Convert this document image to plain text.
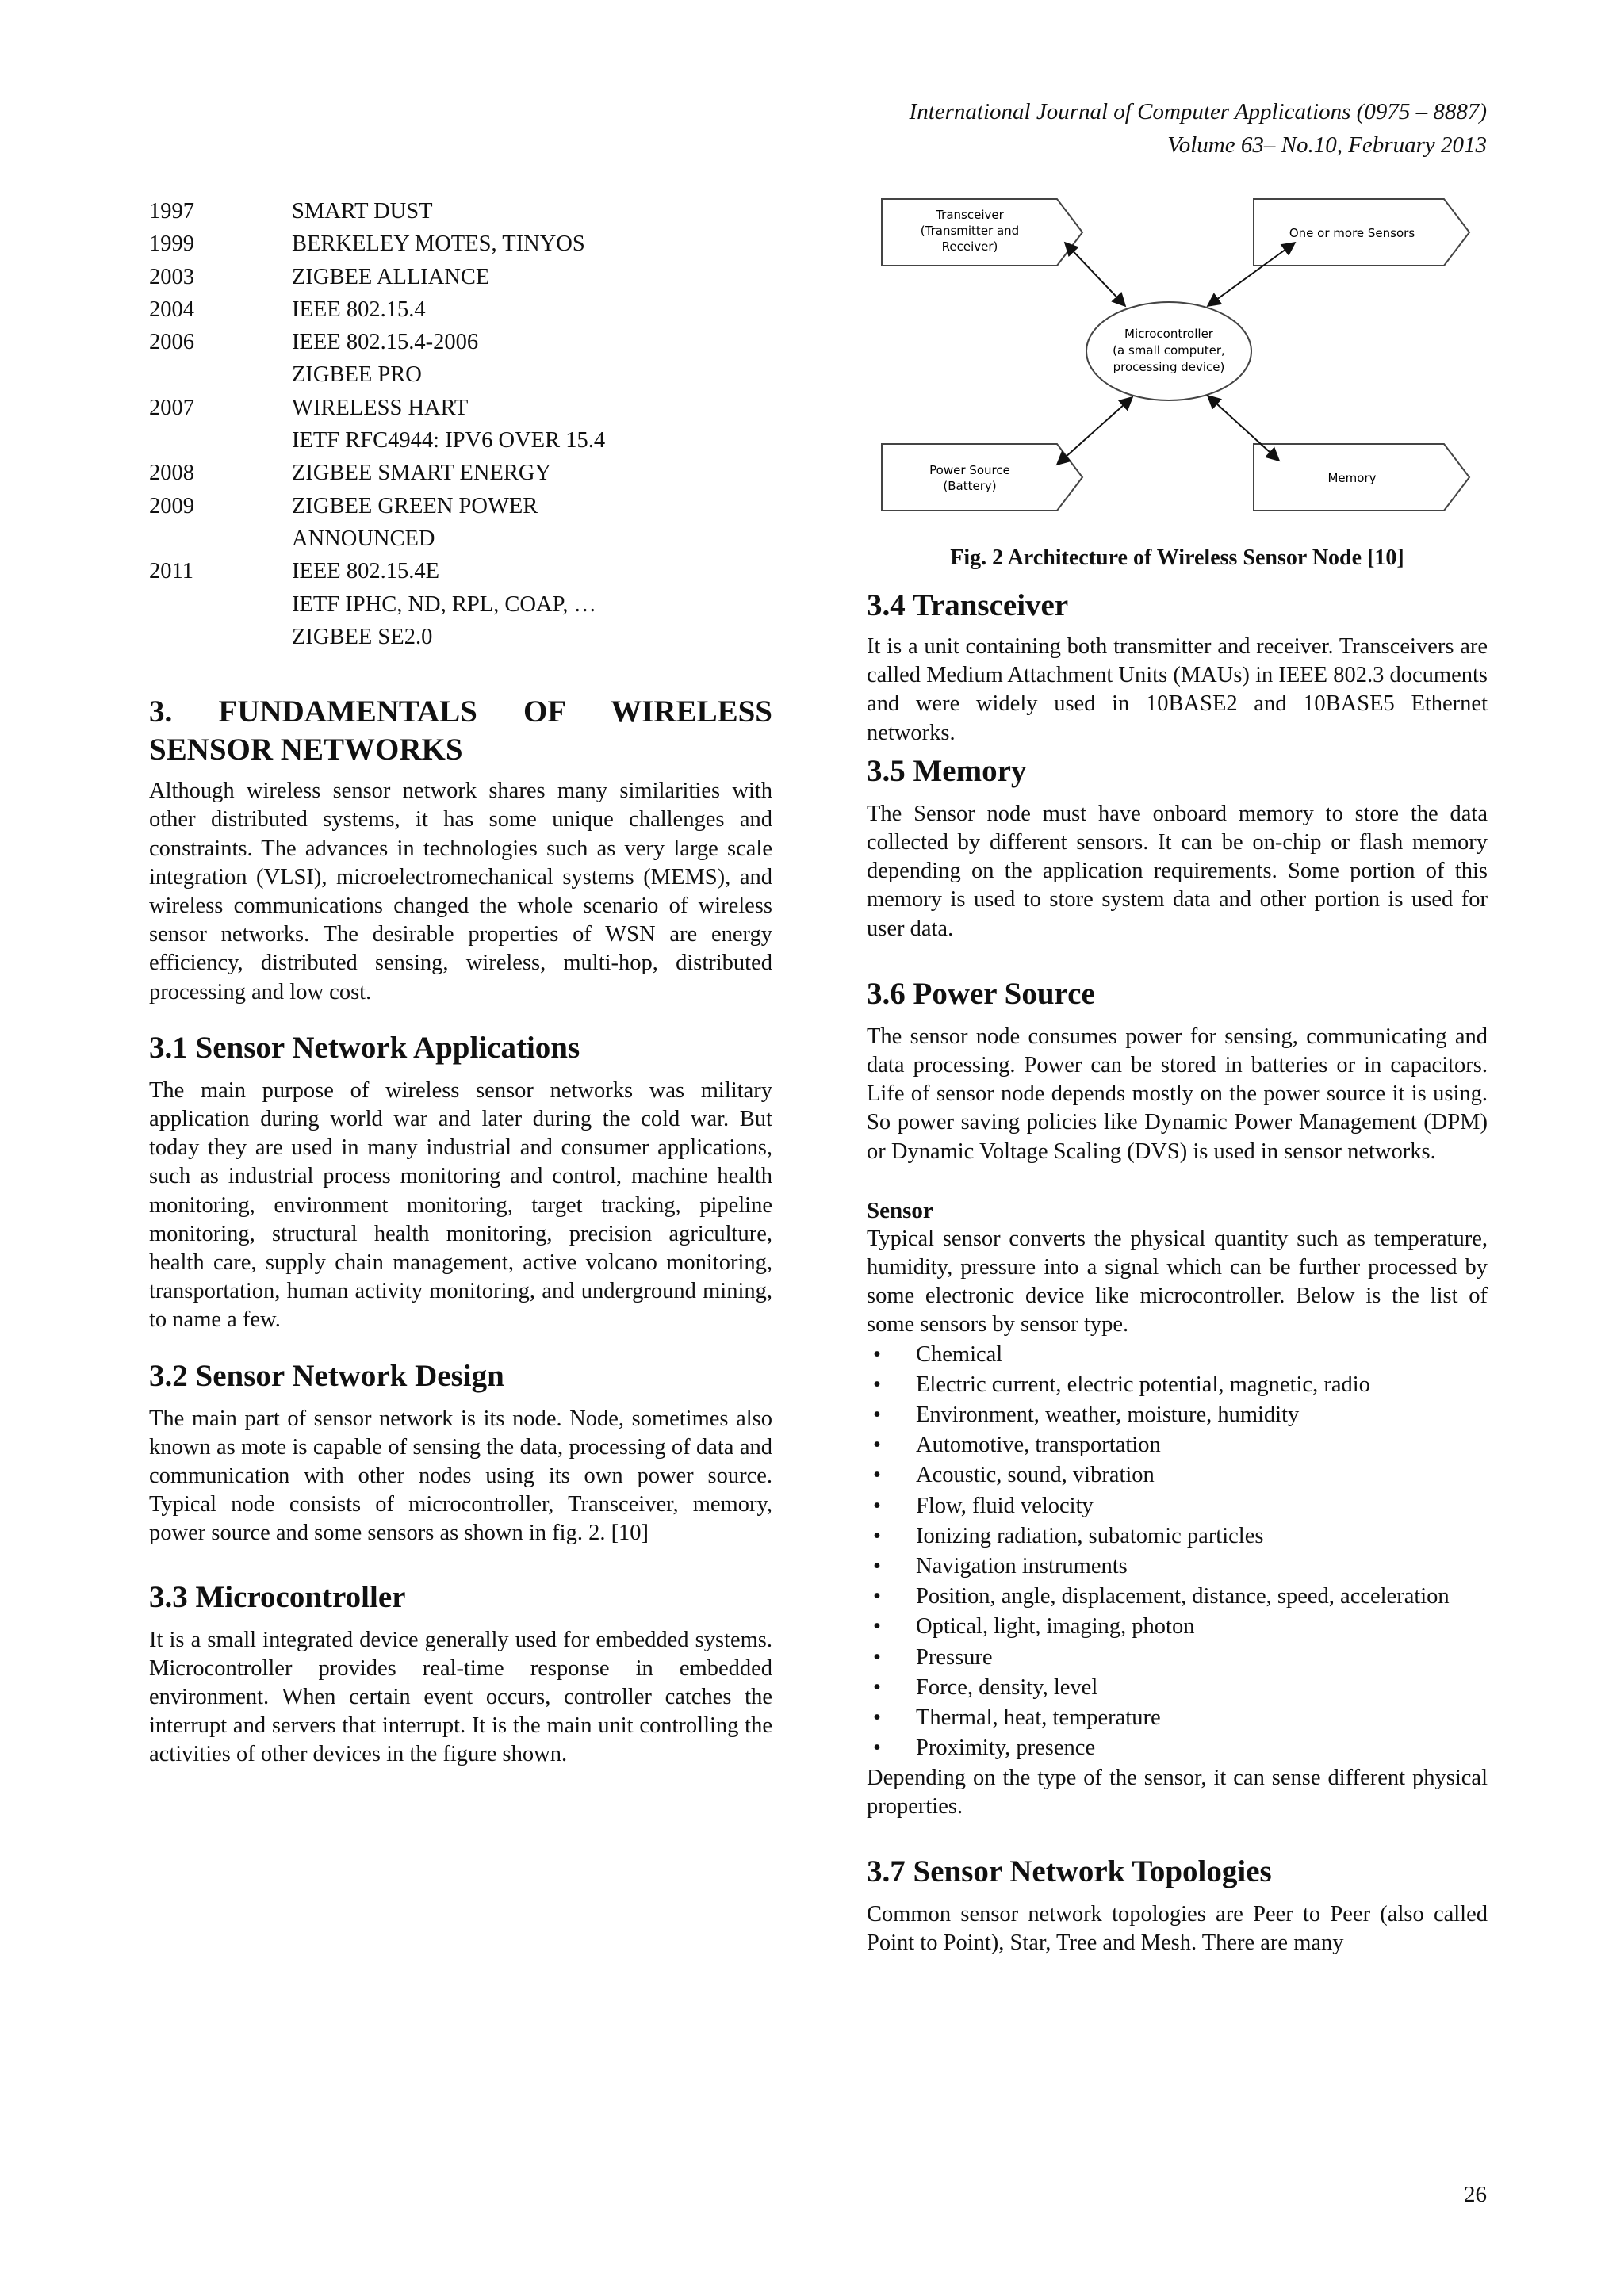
International Journal of Computer Applications (0975 – 8887)
Volume 63– No.10, February 2013
1997	SMART DUST
1999	BERKELEY MOTES, TINYOS
2003	ZIGBEE ALLIANCE
2004	IEEE 802.15.4
2006	IEEE 802.15.4-2006
ZIGBEE PRO
2007	WIRELESS HART
IETF RFC4944: IPV6 OVER 15.4
2008	ZIGBEE SMART ENERGY
2009	ZIGBEE GREEN POWER
ANNOUNCED
2011	IEEE 802.15.4E
IETF IPHC, ND, RPL, COAP, …
ZIGBEE SE2.0
3. FUNDAMENTALS OF WIRELESS
SENSOR NETWORKS

Although wireless sensor network shares many similarities with other distributed systems, it has some unique challenges and constraints. The advances in technologies such as very large scale integration (VLSI), microelectromechanical systems (MEMS), and wireless communications changed the whole scenario of wireless sensor networks. The desirable properties of WSN are energy efficiency, distributed sensing, wireless, multi-hop, distributed processing and low cost.

3.1 Sensor Network Applications

The main purpose of wireless sensor networks was military application during world war and later during the cold war. But today they are used in many industrial and consumer applications, such as industrial process monitoring and control, machine health monitoring, environment monitoring, target tracking, pipeline monitoring, structural health monitoring, precision agriculture, health care, supply chain management, active volcano monitoring, transportation, human activity monitoring, and underground mining, to name a few.

3.2 Sensor Network Design

The main part of sensor network is its node. Node, sometimes also known as mote is capable of sensing the data, processing of data and communication with other nodes using its own power source. Typical node consists of microcontroller, Transceiver, memory, power source and some sensors as shown in fig. 2. [10]

3.3 Microcontroller

It is a small integrated device generally used for embedded systems. Microcontroller provides real-time response in embedded environment. When certain event occurs, controller catches the interrupt and servers that interrupt. It is the main unit controlling the activities of other devices in the figure shown.

Transceiver
(Transmitter and
Receiver)
One or more Sensors
Microcontroller
(a small computer,
processing device)
Power Source
(Battery)
Memory
Fig. 2 Architecture of Wireless Sensor Node [10]
3.4 Transceiver

It is a unit containing both transmitter and receiver. Transceivers are called Medium Attachment Units (MAUs) in IEEE 802.3 documents and were widely used in 10BASE2 and 10BASE5 Ethernet networks.

3.5 Memory

The Sensor node must have onboard memory to store the data collected by different sensors. It can be on-chip or flash memory depending on the application requirements. Some portion of this memory is used to store system data and other portion is used for user data.

3.6 Power Source

The sensor node consumes power for sensing, communicating and data processing. Power can be stored in batteries or in capacitors. Life of sensor node depends mostly on the power source it is using. So power saving policies like Dynamic Power Management (DPM) or Dynamic Voltage Scaling (DVS) is used in sensor networks.

Sensor

Typical sensor converts the physical quantity such as temperature, humidity, pressure into a signal which can be further processed by some electronic device like microcontroller. Below is the list of some sensors by sensor type.

• Chemical
• Electric current, electric potential, magnetic, radio
• Environment, weather, moisture, humidity
• Automotive, transportation
• Acoustic, sound, vibration
• Flow, fluid velocity
• Ionizing radiation, subatomic particles
• Navigation instruments
• Position, angle, displacement, distance, speed, acceleration
• Optical, light, imaging, photon
• Pressure
• Force, density, level
• Thermal, heat, temperature
• Proximity, presence

Depending on the type of the sensor, it can sense different physical properties.

3.7 Sensor Network Topologies

Common sensor network topologies are Peer to Peer (also called Point to Point), Star, Tree and Mesh. There are many

26
